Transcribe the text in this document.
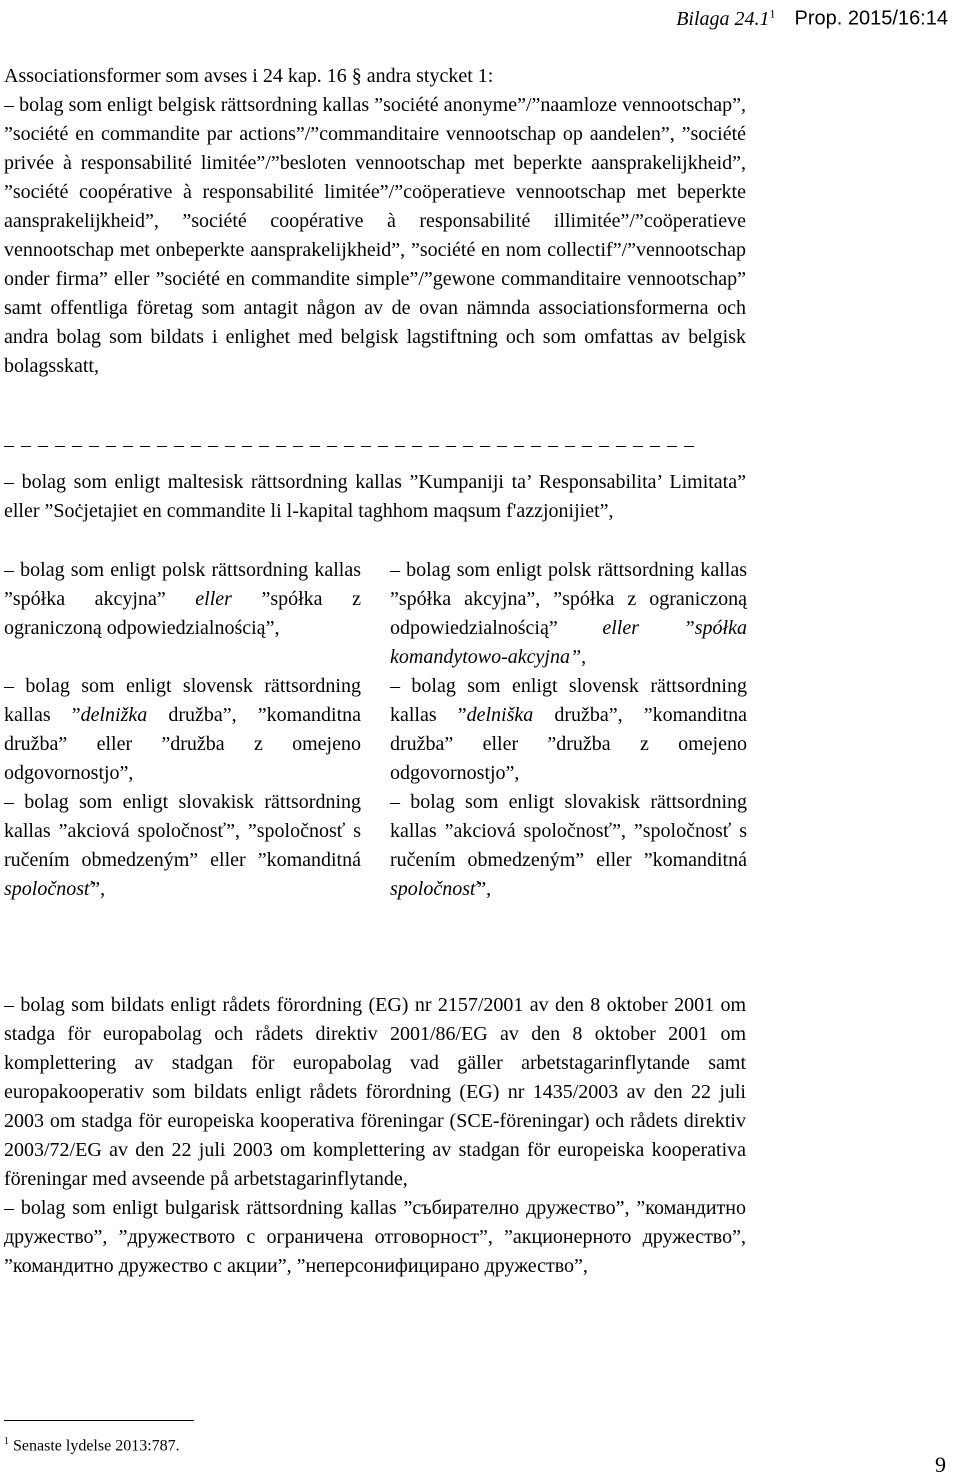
Bilaga 24.1$^1$ Prop. 2015/16:14

Associationsformer som avses i 24 kap. 16 § andra stycket 1:

– bolag som enligt belgisk rättsordning kallas ”société anonyme”/”naamloze vennootschap”, ”société en commandite par actions”/”commanditaire vennootschap op aandelen”, ”société privée à responsabilité limitée”/”besloten vennootschap met beperkte aansprakelijkheid”, ”société coopérative à responsabilité limitée”/”coöperatieve vennootschap met beperkte aansprakelijkheid”, ”société coopérative à responsabilité illimitée”/”coöperatieve vennootschap met onbeperkte aansprakelijkheid”, ”société en nom collectif”/”vennootschap onder firma” eller ”société en commandite simple”/”gewone commanditaire vennootschap” samt offentliga företag som antagit någon av de ovan nämnda associationsformerna och andra bolag som bildats i enlighet med belgisk lagstiftning och som omfattas av belgisk bolagsskatt,

– – – – – – – – – – – – – – – – – – – – – – – – – – – – – – – – – – – – – – – – –

– bolag som enligt maltesisk rättsordning kallas ”Kumpaniji ta’ Responsabilita’ Limitata” eller ”Soċjetajiet en commandite li l-kapital taghhom maqsum f'azzjonijiet”,

– bolag som enligt polsk rättsordning kallas ”spółka akcyjna” eller ”spółka z ograniczoną odpowiedzialnością”,

– bolag som enligt slovensk rättsordning kallas ”delnižka družba”, ”komanditna družba” eller ”družba z omejeno odgovornostjo”,

– bolag som enligt slovakisk rättsordning kallas ”akciová spoločnosť”, ”spoločnosť s ručením obmedzeným” eller ”komanditná spoločnosť”,

– bolag som enligt polsk rättsordning kallas ”spółka akcyjna”, ”spółka z ograniczoną odpowiedzialnością” eller ”spółka komandytowo-akcyjna”,

– bolag som enligt slovensk rättsordning kallas ”delniška družba”, ”komanditna družba” eller ”družba z omejeno odgovornostjo”,

– bolag som enligt slovakisk rättsordning kallas ”akciová spoločnosť”, ”spoločnosť s ručením obmedzeným” eller ”komanditná spoločnosť”,

– bolag som bildats enligt rådets förordning (EG) nr 2157/2001 av den 8 oktober 2001 om stadga för europabolag och rådets direktiv 2001/86/EG av den 8 oktober 2001 om komplettering av stadgan för europabolag vad gäller arbetstagarinflytande samt europakooperativ som bildats enligt rådets förordning (EG) nr 1435/2003 av den 22 juli 2003 om stadga för europeiska kooperativa föreningar (SCE-föreningar) och rådets direktiv 2003/72/EG av den 22 juli 2003 om komplettering av stadgan för europeiska kooperativa föreningar med avseende på arbetstagarinflytande,

– bolag som enligt bulgarisk rättsordning kallas ”събирателно дружество”, ”командитно дружество”, ”дружеството с ограничена отговорност”, ”акционерното дружество”, ”командитно дружество с акции”, ”неперсонифицирано дружество”,

$^1$ Senaste lydelse 2013:787.
9
